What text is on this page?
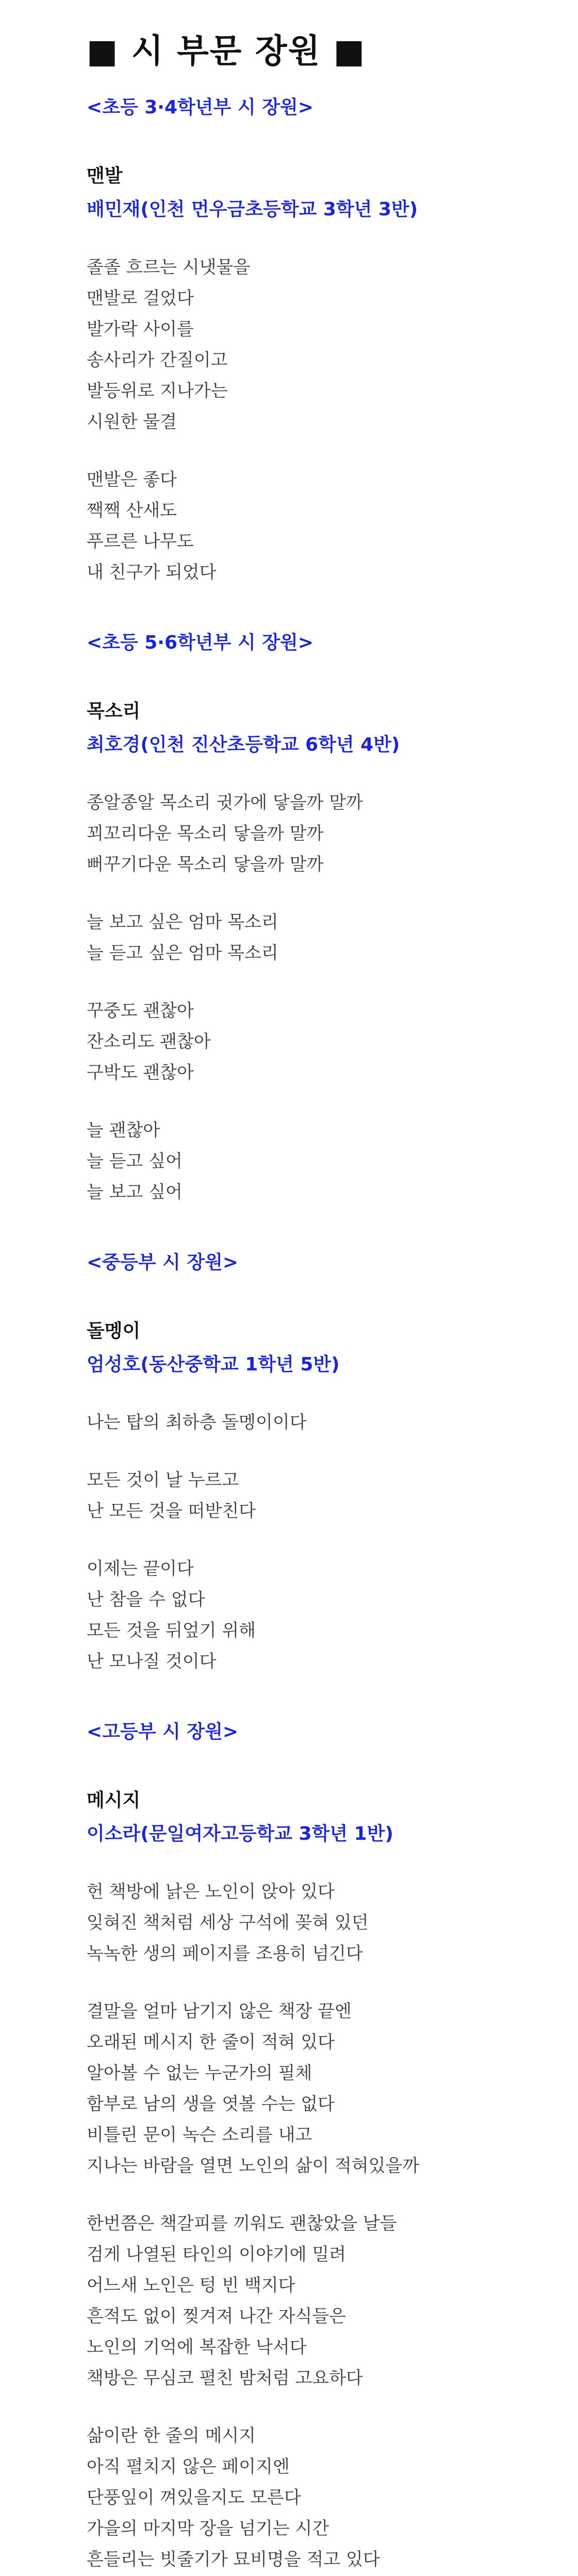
■ 시 부문 장원 ■
<초등 3·4학년부 시 장원>
맨발
배민재(인천 먼우금초등학교 3학년 3반)
졸졸 흐르는 시냇물을
맨발로 걸었다
발가락 사이를
송사리가 간질이고
발등위로 지나가는
시원한 물결
맨발은 좋다
짹짹 산새도
푸르른 나무도
내 친구가 되었다
<초등 5·6학년부 시 장원>
목소리
최호경(인천 진산초등학교 6학년 4반)
종알종알 목소리 귓가에 닿을까 말까
꾀꼬리다운 목소리 닿을까 말까
뻐꾸기다운 목소리 닿을까 말까
늘 보고 싶은 엄마 목소리
늘 듣고 싶은 엄마 목소리
꾸중도 괜찮아
잔소리도 괜찮아
구박도 괜찮아
늘 괜찮아
늘 듣고 싶어
늘 보고 싶어
<중등부 시 장원>
돌멩이
엄성호(동산중학교 1학년 5반)
나는 탑의 최하층 돌멩이이다
모든 것이 날 누르고
난 모든 것을 떠받친다
이제는 끝이다
난 참을 수 없다
모든 것을 뒤엎기 위해
난 모나질 것이다
<고등부 시 장원>
메시지
이소라(문일여자고등학교 3학년 1반)
헌 책방에 낡은 노인이 앉아 있다
잊혀진 책처럼 세상 구석에 꽂혀 있던
녹녹한 생의 페이지를 조용히 넘긴다
결말을 얼마 남기지 않은 책장 끝엔
오래된 메시지 한 줄이 적혀 있다
알아볼 수 없는 누군가의 필체
함부로 남의 생을 엿볼 수는 없다
비틀린 문이 녹슨 소리를 내고
지나는 바람을 열면 노인의 삶이 적혀있을까
한번쯤은 책갈피를 끼워도 괜찮았을 날들
검게 나열된 타인의 이야기에 밀려
어느새 노인은 텅 빈 백지다
흔적도 없이 찢겨져 나간 자식들은
노인의 기억에 복잡한 낙서다
책방은 무심코 펼친 밤처럼 고요하다
삶이란 한 줄의 메시지
아직 펼치지 않은 페이지엔
단풍잎이 껴있을지도 모른다
가을의 마지막 장을 넘기는 시간
흔들리는 빗줄기가 묘비명을 적고 있다
